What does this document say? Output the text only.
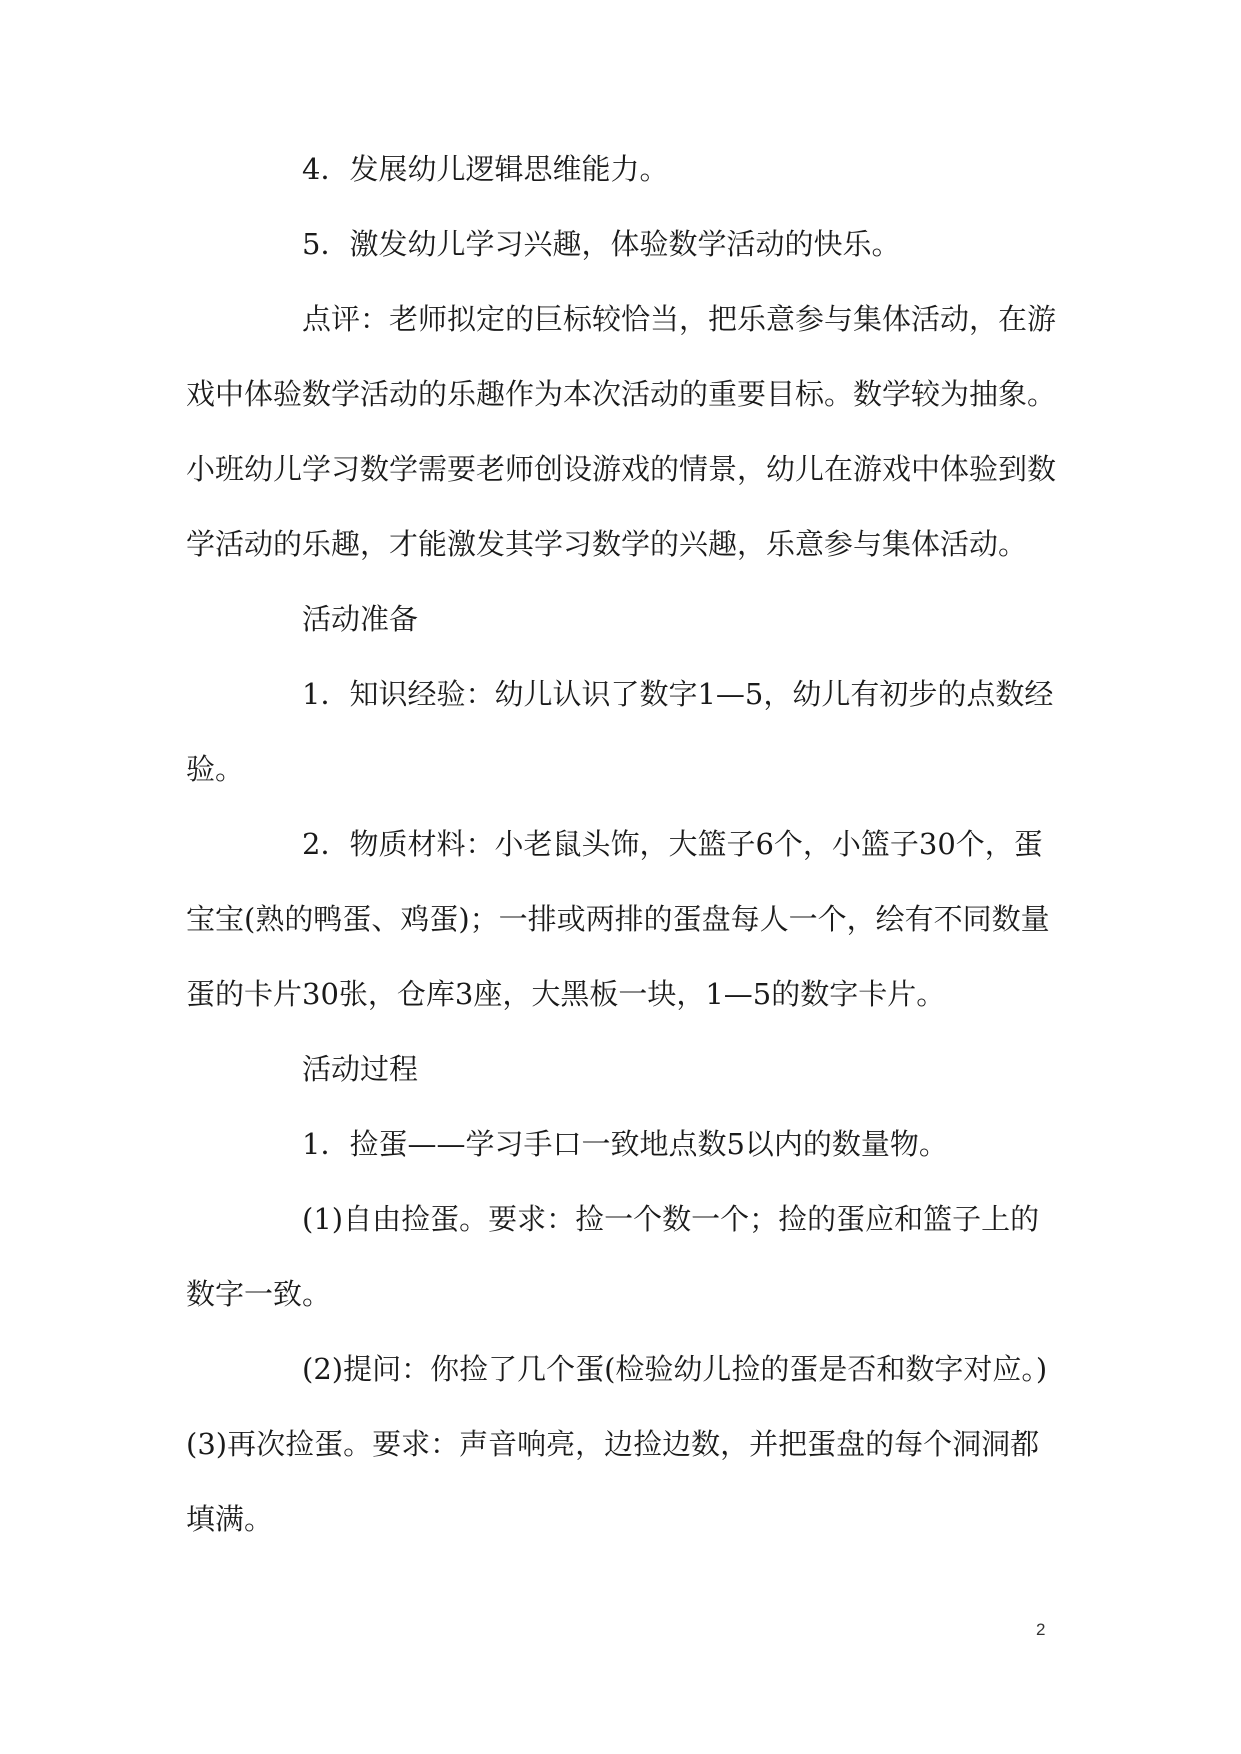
4．发展幼儿逻辑思维能力。

5．激发幼儿学习兴趣，体验数学活动的快乐。

点评：老师拟定的巨标较恰当，把乐意参与集体活动，在游戏中体验数学活动的乐趣作为本次活动的重要目标。数学较为抽象。小班幼儿学习数学需要老师创设游戏的情景，幼儿在游戏中体验到数学活动的乐趣，才能激发其学习数学的兴趣，乐意参与集体活动。

活动准备

1．知识经验：幼儿认识了数字1—5，幼儿有初步的点数经验。

2．物质材料：小老鼠头饰，大篮子6个，小篮子30个，蛋宝宝(熟的鸭蛋、鸡蛋)；一排或两排的蛋盘每人一个，绘有不同数量蛋的卡片30张，仓库3座，大黑板一块，1—5的数字卡片。

活动过程

1．捡蛋——学习手口一致地点数5以内的数量物。

(1)自由捡蛋。要求：捡一个数一个；捡的蛋应和篮子上的数字一致。

(2)提问：你捡了几个蛋(检验幼儿捡的蛋是否和数字对应。)(3)再次捡蛋。要求：声音响亮，边捡边数，并把蛋盘的每个洞洞都填满。

2
